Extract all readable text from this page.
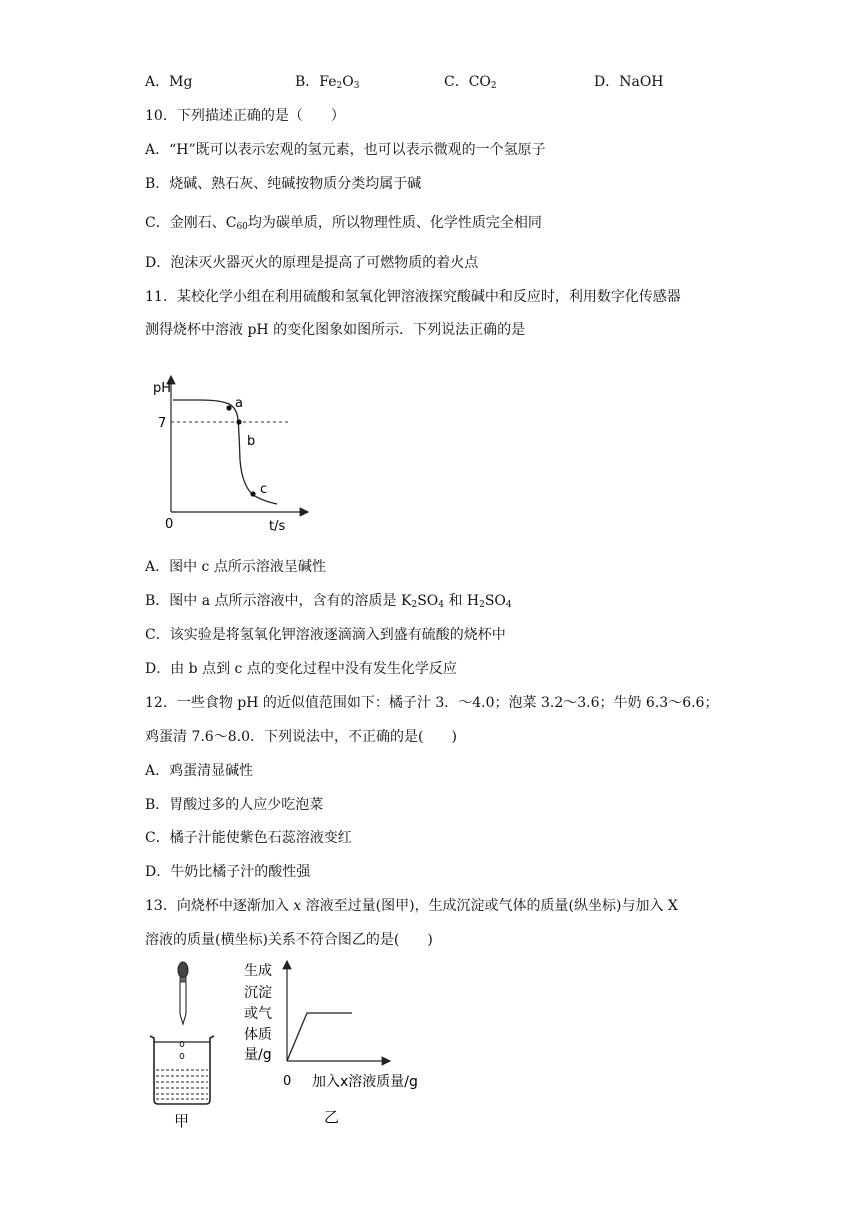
A．Mg	B．$Fe_2O_3$	C．$CO_2$	D．NaOH
10．下列描述正确的是（　　）
A．“H”既可以表示宏观的氢元素，也可以表示微观的一个氢原子
B．烧碱、熟石灰、纯碱按物质分类均属于碱
C．金刚石、$C_{60}$均为碳单质，所以物理性质、化学性质完全相同
D．泡沫灭火器灭火的原理是提高了可燃物质的着火点
11．某校化学小组在利用硫酸和氢氧化钾溶液探究酸碱中和反应时，利用数字化传感器
测得烧杯中溶液 pH 的变化图象如图所示．下列说法正确的是
pH
t/s
0
7
a
b
c
A．图中 c 点所示溶液呈碱性
B．图中 a 点所示溶液中，含有的溶质是 $K_2SO_4$ 和 $H_2SO_4$
C．该实验是将氢氧化钾溶液逐滴滴入到盛有硫酸的烧杯中
D．由 b 点到 c 点的变化过程中没有发生化学反应
12．一些食物 pH 的近似值范围如下：橘子汁 3．～4.0；泡菜 3.2～3.6；牛奶 6.3～6.6；
鸡蛋清 7.6～8.0．下列说法中，不正确的是(　　)
A．鸡蛋清显碱性
B．胃酸过多的人应少吃泡菜
C．橘子汁能使紫色石蕊溶液变红
D．牛奶比橘子汁的酸性强
13．向烧杯中逐渐加入 x 溶液至过量(图甲)，生成沉淀或气体的质量(纵坐标)与加入 X
溶液的质量(横坐标)关系不符合图乙的是(　　)
甲
生成
沉淀
或气
体质
量/g
0 加入x溶液质量/g
乙
